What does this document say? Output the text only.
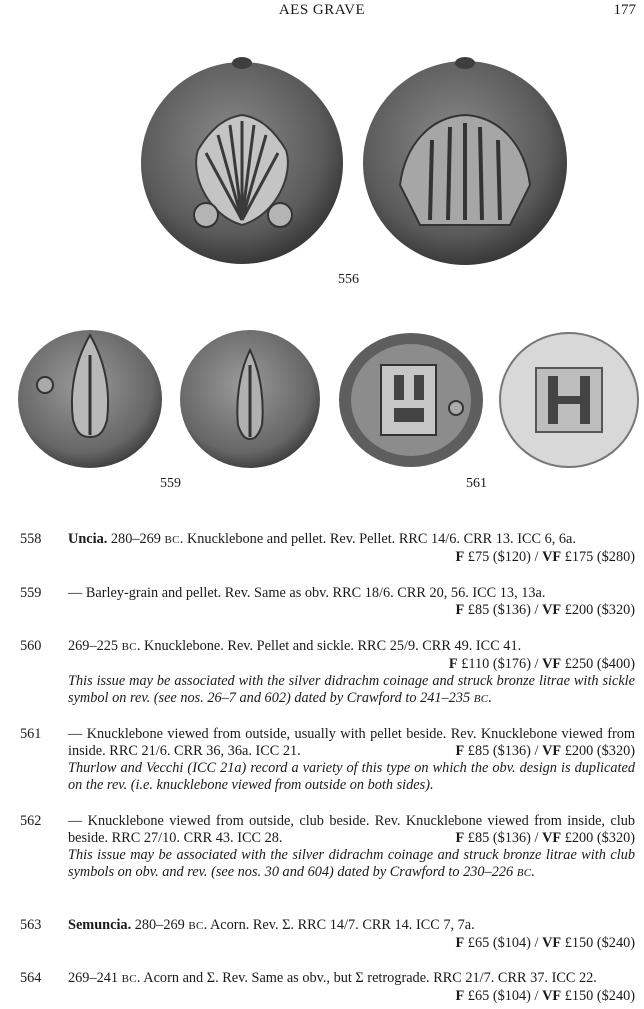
AES GRAVE	177
556
559	561
558 Uncia. 280–269 BC. Knucklebone and pellet. Rev. Pellet. RRC 14/6. CRR 13. ICC 6, 6a.
F £75 ($120) / VF £175 ($280)
559 — Barley-grain and pellet. Rev. Same as obv. RRC 18/6. CRR 20, 56. ICC 13, 13a.
F £85 ($136) / VF £200 ($320)
560 269–225 BC. Knucklebone. Rev. Pellet and sickle. RRC 25/9. CRR 49. ICC 41.
F £110 ($176) / VF £250 ($400)
This issue may be associated with the silver didrachm coinage and struck bronze litrae with sickle symbol on rev. (see nos. 26–7 and 602) dated by Crawford to 241–235 BC.
561 — Knucklebone viewed from outside, usually with pellet beside. Rev. Knucklebone viewed from inside. RRC 21/6. CRR 36, 36a. ICC 21.	F £85 ($136) / VF £200 ($320)
Thurlow and Vecchi (ICC 21a) record a variety of this type on which the obv. design is duplicated on the rev. (i.e. knucklebone viewed from outside on both sides).
562 — Knucklebone viewed from outside, club beside. Rev. Knucklebone viewed from inside, club beside. RRC 27/10. CRR 43. ICC 28.	F £85 ($136) / VF £200 ($320)
This issue may be associated with the silver didrachm coinage and struck bronze litrae with club symbols on obv. and rev. (see nos. 30 and 604) dated by Crawford to 230–226 BC.
563 Semuncia. 280–269 BC. Acorn. Rev. Σ. RRC 14/7. CRR 14. ICC 7, 7a.
F £65 ($104) / VF £150 ($240)
564 269–241 BC. Acorn and Σ. Rev. Same as obv., but Σ retrograde. RRC 21/7. CRR 37. ICC 22.
F £65 ($104) / VF £150 ($240)
